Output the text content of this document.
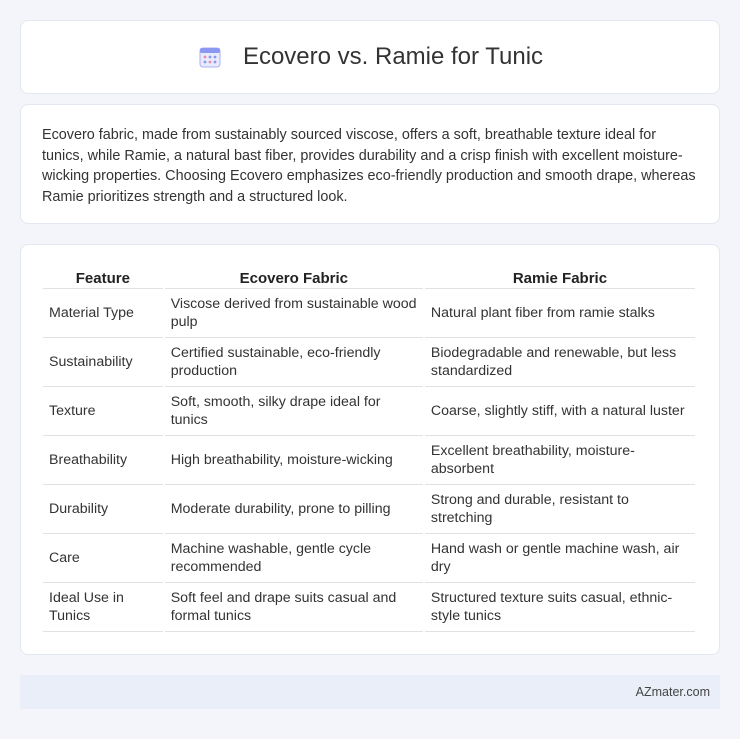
Ecovero vs. Ramie for Tunic

Ecovero fabric, made from sustainably sourced viscose, offers a soft, breathable texture ideal for tunics, while Ramie, a natural bast fiber, provides durability and a crisp finish with excellent moisture-wicking properties. Choosing Ecovero emphasizes eco-friendly production and smooth drape, whereas Ramie prioritizes strength and a structured look.

Feature	Ecovero Fabric	Ramie Fabric
Material Type	Viscose derived from sustainable wood pulp	Natural plant fiber from ramie stalks
Sustainability	Certified sustainable, eco-friendly production	Biodegradable and renewable, but less standardized
Texture	Soft, smooth, silky drape ideal for tunics	Coarse, slightly stiff, with a natural luster
Breathability	High breathability, moisture-wicking	Excellent breathability, moisture-absorbent
Durability	Moderate durability, prone to pilling	Strong and durable, resistant to stretching
Care	Machine washable, gentle cycle recommended	Hand wash or gentle machine wash, air dry
Ideal Use in Tunics	Soft feel and drape suits casual and formal tunics	Structured texture suits casual, ethnic-style tunics
AZmater.com
